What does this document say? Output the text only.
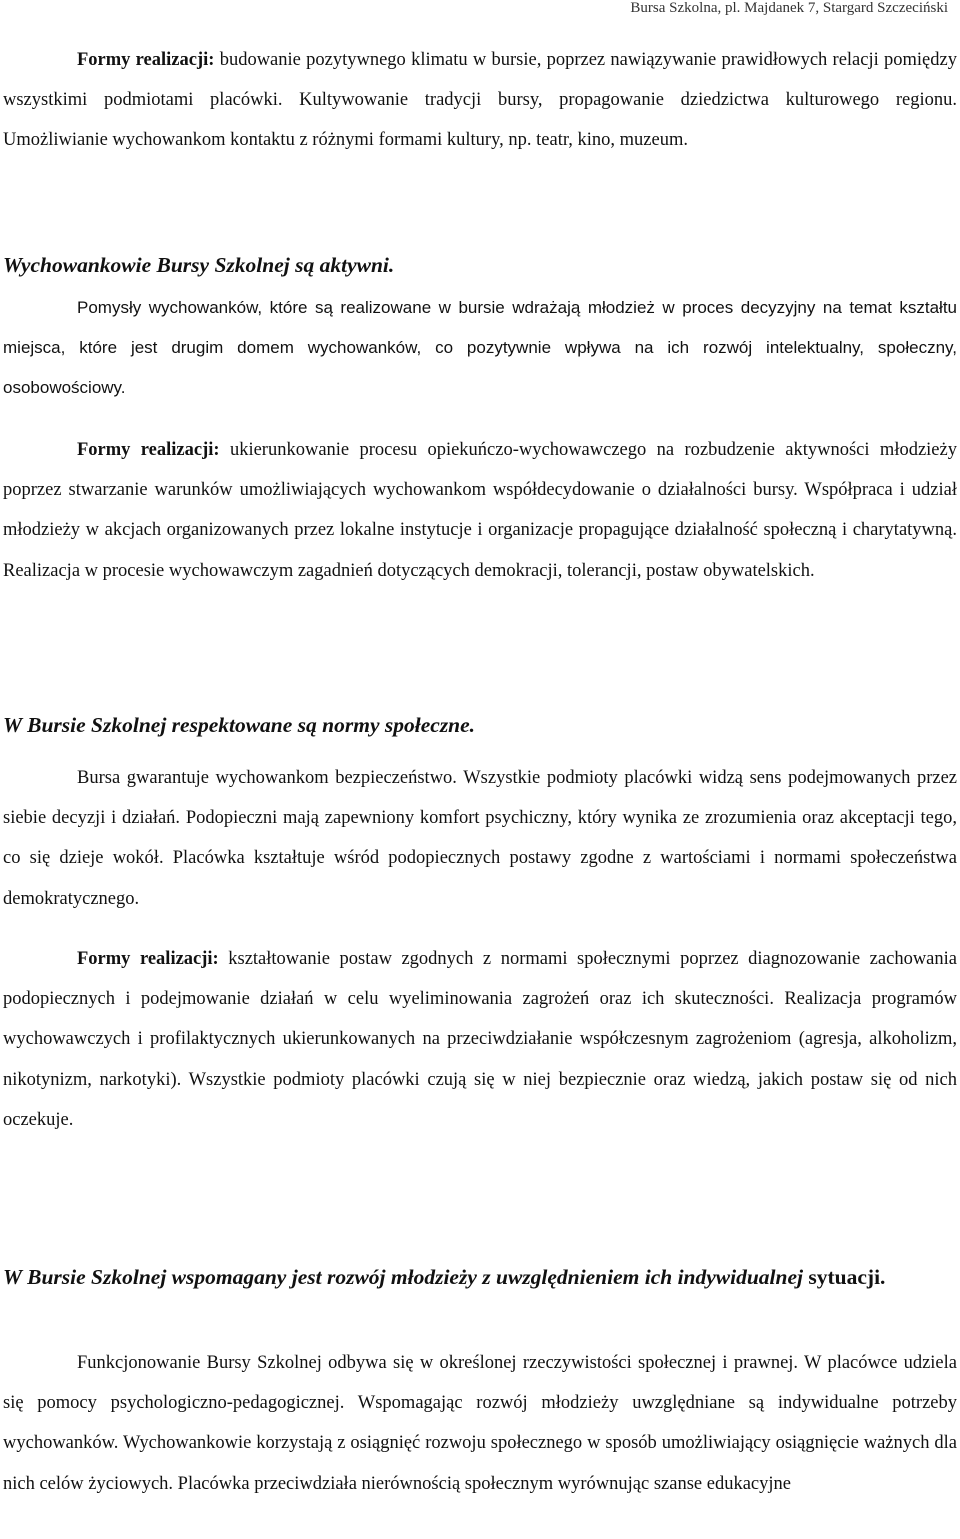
Bursa Szkolna, pl. Majdanek 7, Stargard Szczeciński

Formy realizacji: budowanie pozytywnego klimatu w bursie, poprzez nawiązywanie prawidłowych relacji pomiędzy wszystkimi podmiotami placówki. Kultywowanie tradycji bursy, propagowanie dziedzictwa kulturowego regionu. Umożliwianie wychowankom kontaktu z różnymi formami kultury, np. teatr, kino, muzeum.

Wychowankowie Bursy Szkolnej są aktywni.

Pomysły wychowanków, które są realizowane w bursie wdrażają młodzież w proces decyzyjny na temat kształtu miejsca, które jest drugim domem wychowanków, co pozytywnie wpływa na ich rozwój intelektualny, społeczny, osobowościowy.

Formy realizacji: ukierunkowanie procesu opiekuńczo-wychowawczego na rozbudzenie aktywności młodzieży poprzez stwarzanie warunków umożliwiających wychowankom współdecydowanie o działalności bursy. Współpraca i udział młodzieży w akcjach organizowanych przez lokalne instytucje i organizacje propagujące działalność społeczną i charytatywną. Realizacja w procesie wychowawczym zagadnień dotyczących demokracji, tolerancji, postaw obywatelskich.

W Bursie Szkolnej respektowane są normy społeczne.

Bursa gwarantuje wychowankom bezpieczeństwo. Wszystkie podmioty placówki widzą sens podejmowanych przez siebie decyzji i działań. Podopieczni mają zapewniony komfort psychiczny, który wynika ze zrozumienia oraz akceptacji tego, co się dzieje wokół. Placówka kształtuje wśród podopiecznych postawy zgodne z wartościami i normami społeczeństwa demokratycznego.

Formy realizacji: kształtowanie postaw zgodnych z normami społecznymi poprzez diagnozowanie zachowania podopiecznych i podejmowanie działań w celu wyeliminowania zagrożeń oraz ich skuteczności. Realizacja programów wychowawczych i profilaktycznych ukierunkowanych na przeciwdziałanie współczesnym zagrożeniom (agresja, alkoholizm, nikotynizm, narkotyki). Wszystkie podmioty placówki czują się w niej bezpiecznie oraz wiedzą, jakich postaw się od nich oczekuje.

W Bursie Szkolnej wspomagany jest rozwój młodzieży z uwzględnieniem ich indywidualnej sytuacji.

Funkcjonowanie Bursy Szkolnej odbywa się w określonej rzeczywistości społecznej i prawnej. W placówce udziela się pomocy psychologiczno-pedagogicznej. Wspomagając rozwój młodzieży uwzględniane są indywidualne potrzeby wychowanków. Wychowankowie korzystają z osiągnięć rozwoju społecznego w sposób umożliwiający osiągnięcie ważnych dla nich celów życiowych. Placówka przeciwdziała nierównością społecznym wyrównując szanse edukacyjne
